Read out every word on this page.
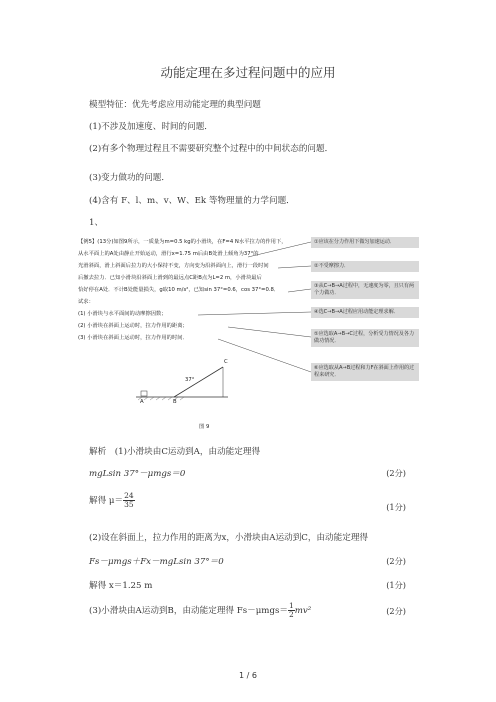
动能定理在多过程问题中的应用
模型特征：优先考虑应用动能定理的典型问题
(1)不涉及加速度、时间的问题．
(2)有多个物理过程且不需要研究整个过程中的中间状态的问题．
(3)变力做功的问题．
(4)含有 F、l、m、v、W、Ek 等物理量的力学问题．
1、
【例5】(13分)如图9所示，一质量为m=0.5 kg的小滑块，在F=4 N水平拉力的作用下，
从水平面上的A处由静止开始运动，滑行x=1.75 m后由B处滑上倾角为37°的
光滑斜面，滑上斜面后拉力的大小保持不变，方向变为沿斜面向上，滑行一段时间
后撤去拉力．已知小滑块沿斜面上滑到的最远点C距B点为L=2 m，小滑块最后
恰好停在A处．不计B处能量损失，g取10 m/s²，已知sin 37°=0.6，cos 37°=0.8．
试求：
(1) 小滑块与水平面间的动摩擦因数；
(2) 小滑块在斜面上运动时，拉力作用的距离；
(3) 小滑块在斜面上运动时，拉力作用的时间．
37°
C
A	B
①应该在分力作用下做匀加速运动．
②不受摩擦力．
③从C→B→A过程中，无速度为零，且只有两个力做功．
④选C→B→A过程应用动能定理求解．
⑤应选取A→B→C过程，分析受力情况及各力做功情况．
⑥应选取从A→B过程和力F在斜面上作用的过程来研究．
图 9
解析　(1)小滑块由C运动到A，由动能定理得
mgLsin 37°－μmgs＝0	(2分)
解得 $\mu= \frac{24}{35}$	(1分)
(2)设在斜面上，拉力作用的距离为x，小滑块由A运动到C，由动能定理得
Fs－μmgs＋Fx－mgLsin 37°＝0	(2分)
解得 x＝1.25 m	(1分)
(3)小滑块由A运动到B，由动能定理得 $Fs-\mu mgs= \frac{1}{2} mv^2$	(2分)
1 / 6
